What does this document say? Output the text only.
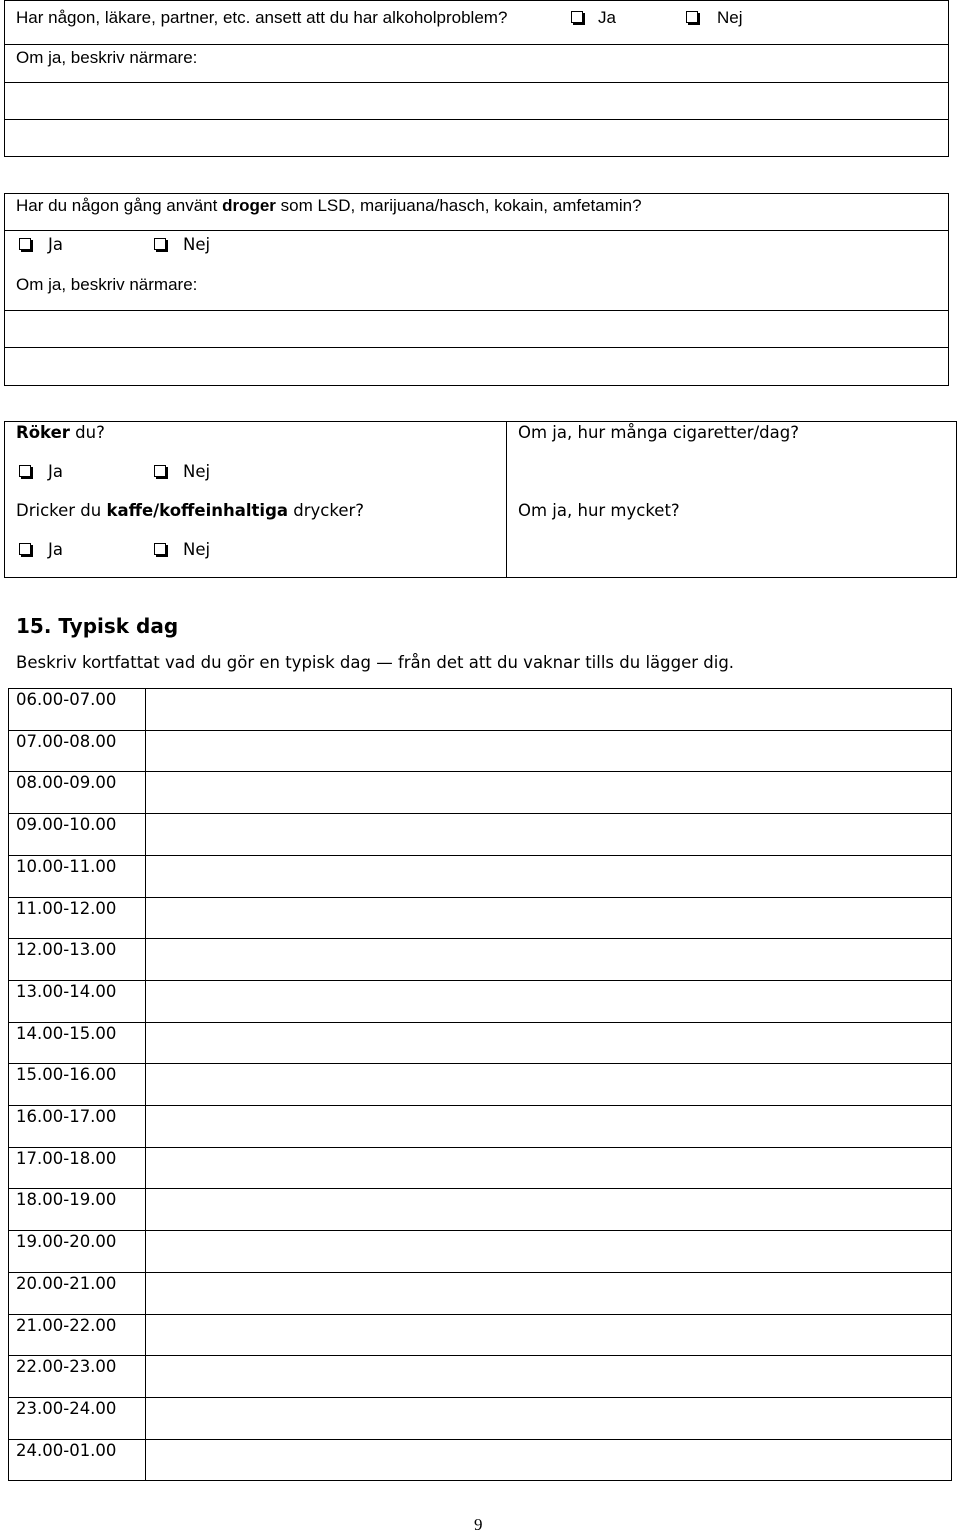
Har någon, läkare, partner, etc. ansett att du har alkoholproblem?	Ja	Nej
Om ja, beskriv närmare:
Har du någon gång använt droger som LSD, marijuana/hasch, kokain, amfetamin?
Ja	Nej
Om ja, beskriv närmare:
Röker du?
Ja	Nej
Dricker du kaffe/koffeinhaltiga drycker?
Ja	Nej
Om ja, hur många cigaretter/dag?
Om ja, hur mycket?
15. Typisk dag
Beskriv kortfattat vad du gör en typisk dag — från det att du vaknar tills du lägger dig.
06.00-07.00
07.00-08.00
08.00-09.00
09.00-10.00
10.00-11.00
11.00-12.00
12.00-13.00
13.00-14.00
14.00-15.00
15.00-16.00
16.00-17.00
17.00-18.00
18.00-19.00
19.00-20.00
20.00-21.00
21.00-22.00
22.00-23.00
23.00-24.00
24.00-01.00
9
